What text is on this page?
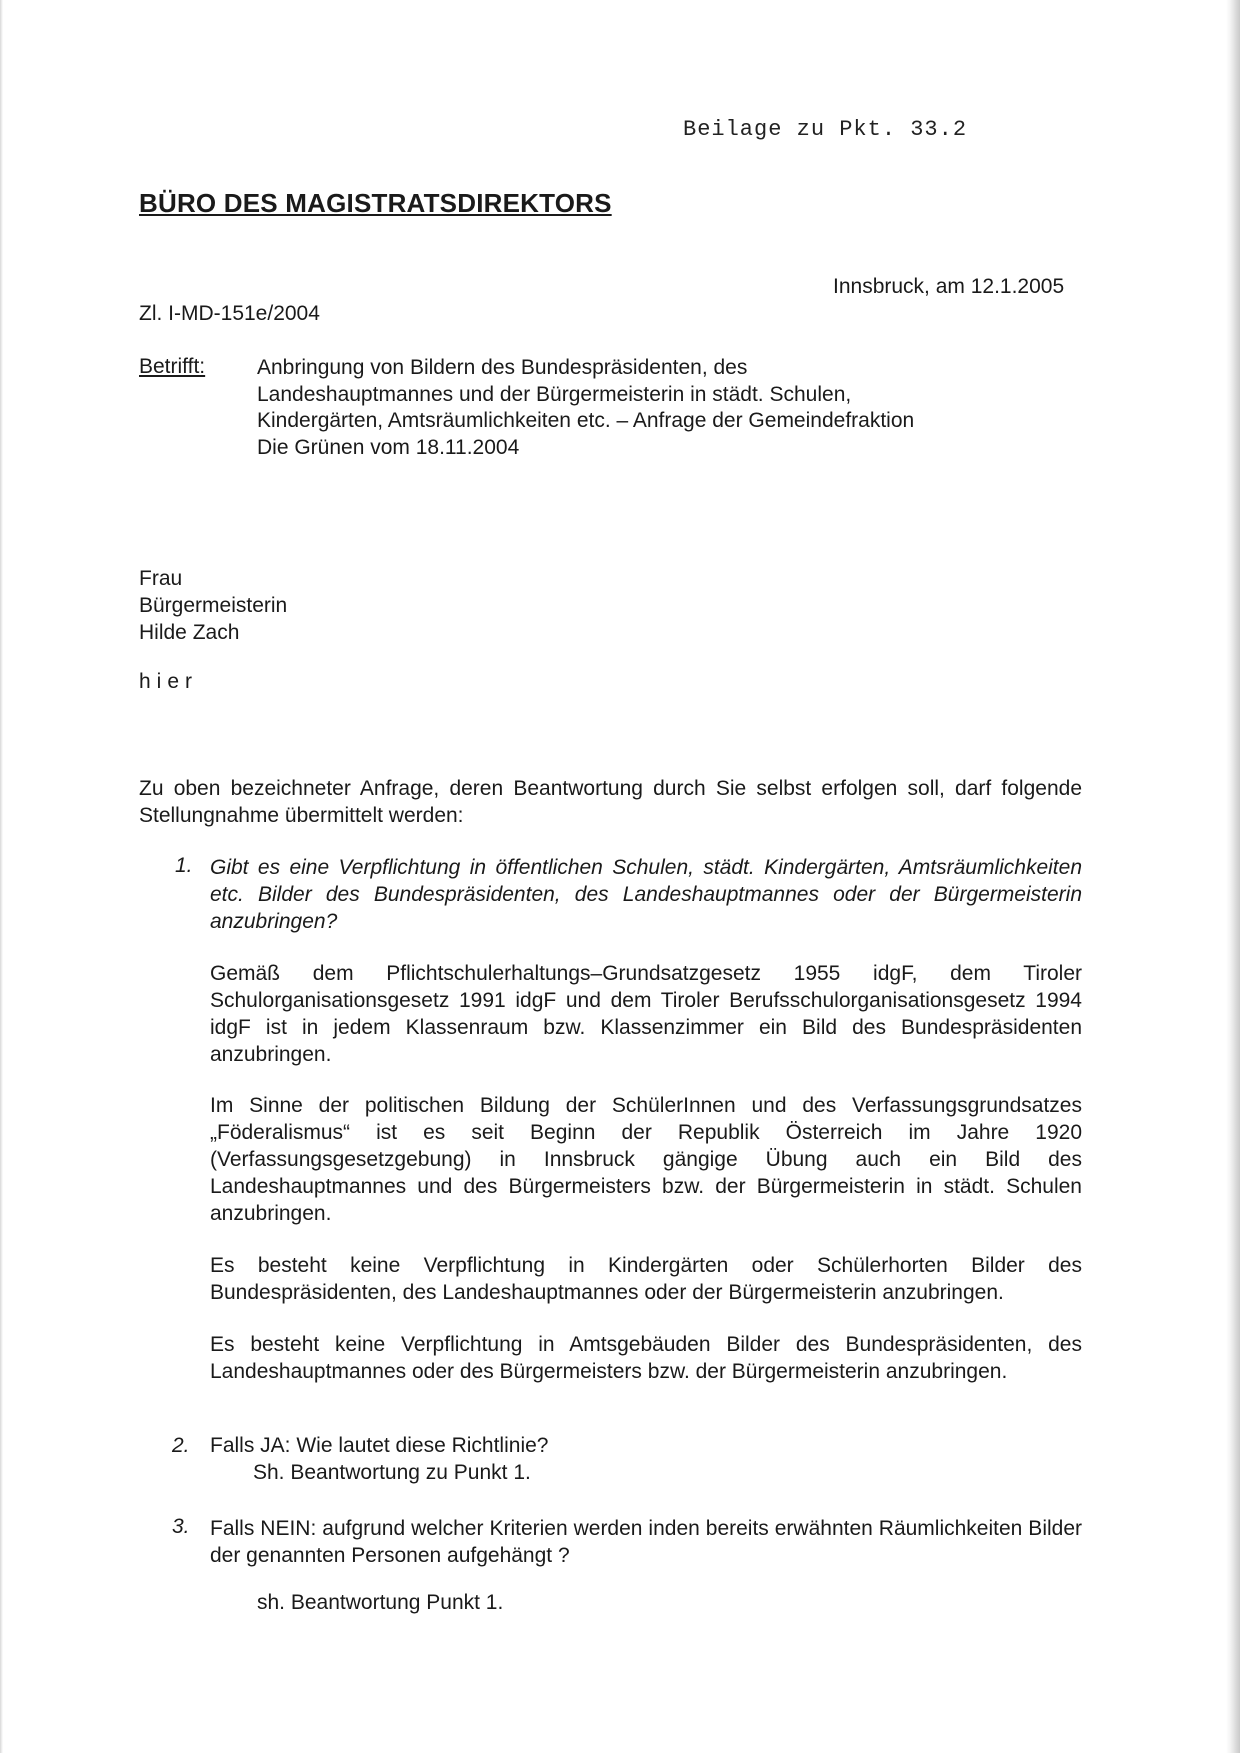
Beilage zu Pkt. 33.2
BÜRO DES MAGISTRATSDIREKTORS
Innsbruck, am 12.1.2005
Zl. I-MD-151e/2004
Betrifft: Anbringung von Bildern des Bundespräsidenten, des
Landeshauptmannes und der Bürgermeisterin in städt. Schulen,
Kindergärten, Amtsräumlichkeiten etc. – Anfrage der Gemeindefraktion
Die Grünen vom 18.11.2004
Frau
Bürgermeisterin
Hilde Zach
hier
Zu oben bezeichneter Anfrage, deren Beantwortung durch Sie selbst erfolgen soll, darf folgende Stellungnahme übermittelt werden:
1. Gibt es eine Verpflichtung in öffentlichen Schulen, städt. Kindergärten, Amtsräumlichkeiten etc. Bilder des Bundespräsidenten, des Landeshauptmannes oder der Bürgermeisterin anzubringen?
Gemäß dem Pflichtschulerhaltungs–Grundsatzgesetz 1955 idgF, dem Tiroler Schulorganisationsgesetz 1991 idgF und dem Tiroler Berufsschulorganisationsgesetz 1994 idgF ist in jedem Klassenraum bzw. Klassenzimmer ein Bild des Bundespräsidenten anzubringen.
Im Sinne der politischen Bildung der SchülerInnen und des Verfassungsgrundsatzes „Föderalismus“ ist es seit Beginn der Republik Österreich im Jahre 1920 (Verfassungsgesetzgebung) in Innsbruck gängige Übung auch ein Bild des Landeshauptmannes und des Bürgermeisters bzw. der Bürgermeisterin in städt. Schulen anzubringen.
Es besteht keine Verpflichtung in Kindergärten oder Schülerhorten Bilder des Bundespräsidenten, des Landeshauptmannes oder der Bürgermeisterin anzubringen.
Es besteht keine Verpflichtung in Amtsgebäuden Bilder des Bundespräsidenten, des Landeshauptmannes oder des Bürgermeisters bzw. der Bürgermeisterin anzubringen.
2. Falls JA: Wie lautet diese Richtlinie?
Sh. Beantwortung zu Punkt 1.
3. Falls NEIN: aufgrund welcher Kriterien werden inden bereits erwähnten Räumlichkeiten Bilder der genannten Personen aufgehängt ?
sh. Beantwortung Punkt 1.
